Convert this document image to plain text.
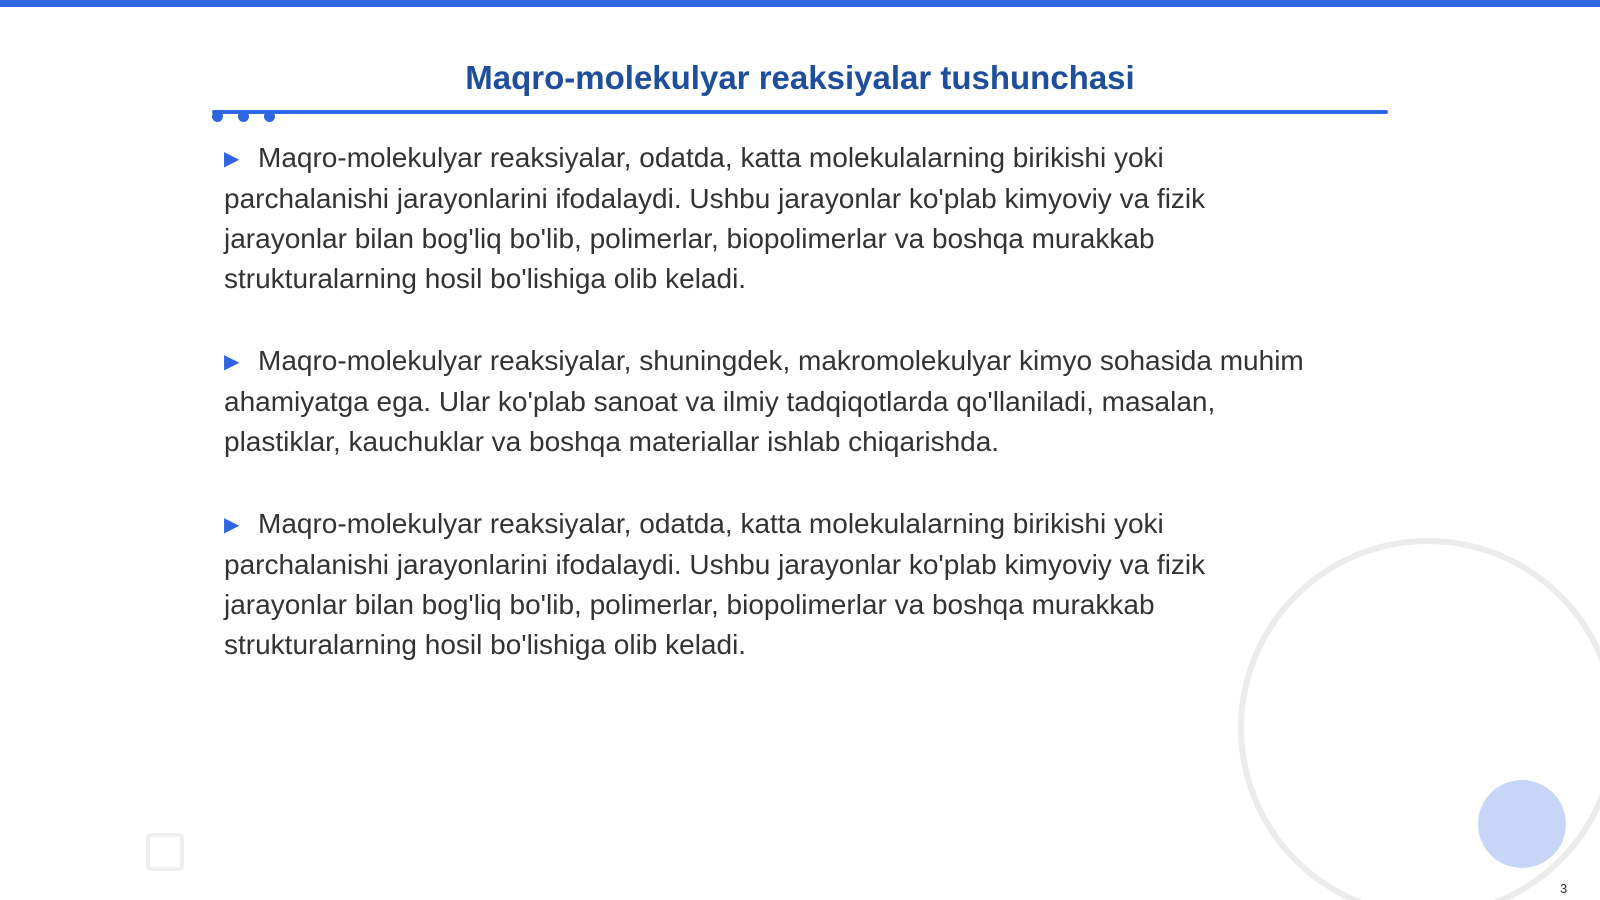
Maqro-molekulyar reaksiyalar tushunchasi
▶ Maqro-molekulyar reaksiyalar, odatda, katta molekulalarning birikishi yoki parchalanishi jarayonlarini ifodalaydi. Ushbu jarayonlar ko'plab kimyoviy va fizik jarayonlar bilan bog'liq bo'lib, polimerlar, biopolimerlar va boshqa murakkab strukturalarning hosil bo'lishiga olib keladi.
▶ Maqro-molekulyar reaksiyalar, shuningdek, makromolekulyar kimyo sohasida muhim ahamiyatga ega. Ular ko'plab sanoat va ilmiy tadqiqotlarda qo'llaniladi, masalan, plastiklar, kauchuklar va boshqa materiallar ishlab chiqarishda.
▶ Maqro-molekulyar reaksiyalar, odatda, katta molekulalarning birikishi yoki parchalanishi jarayonlarini ifodalaydi. Ushbu jarayonlar ko'plab kimyoviy va fizik jarayonlar bilan bog'liq bo'lib, polimerlar, biopolimerlar va boshqa murakkab strukturalarning hosil bo'lishiga olib keladi.
3
